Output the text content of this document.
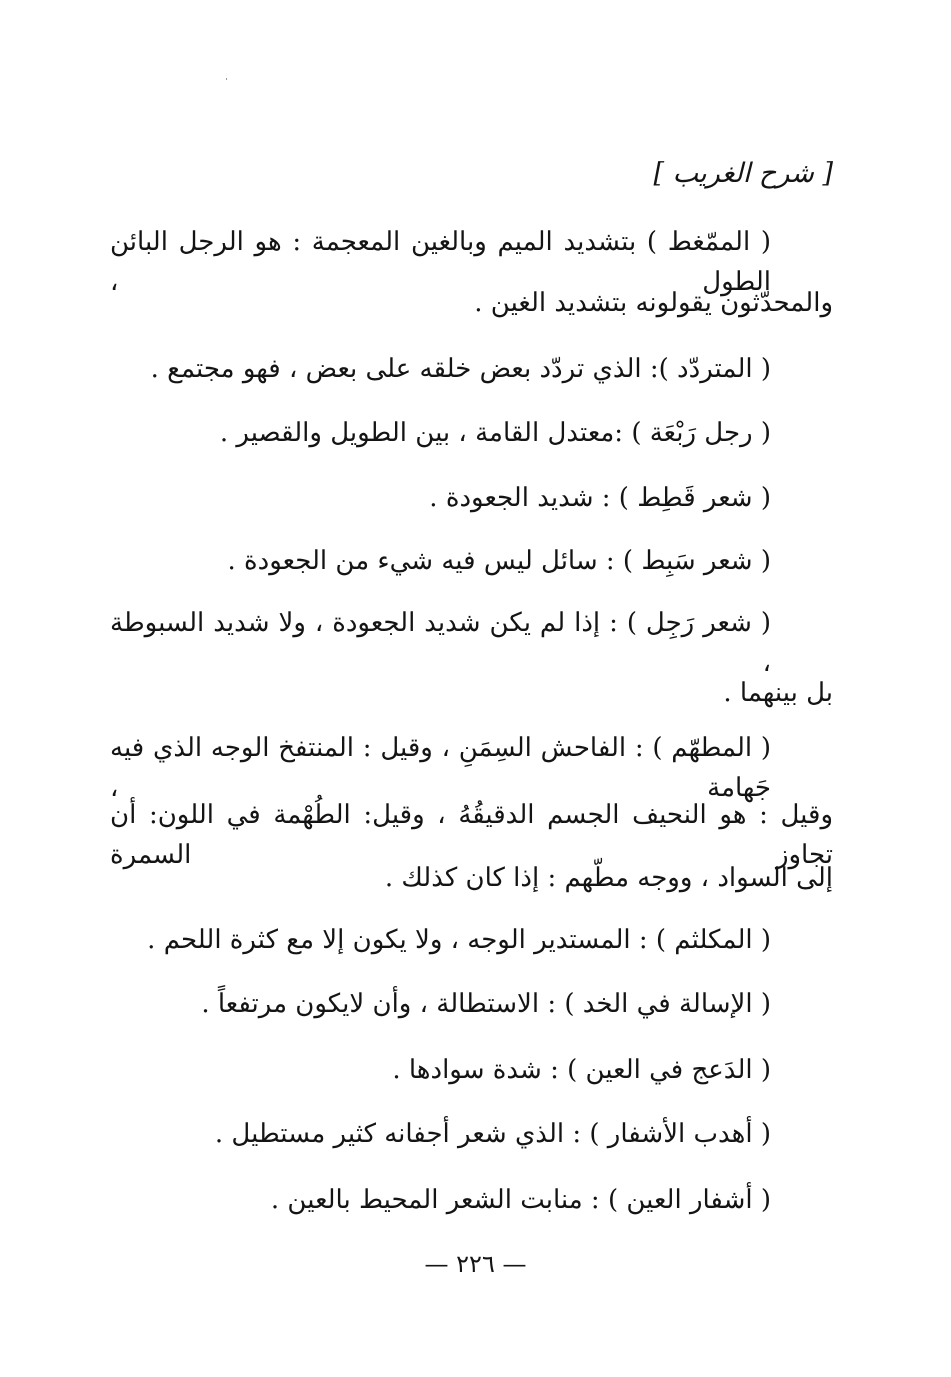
[ شرح الغريب ]
( الممّغط ) بتشديد الميم وبالغين المعجمة : هو الرجل البائن الطول ،
والمحدّثون يقولونه بتشديد الغين .
( المتردّد ): الذي تردّد بعض خلقه على بعض ، فهو مجتمع .
( رجل رَبْعَة ) :معتدل القامة ، بين الطويل والقصير .
( شعر قَطِط ) : شديد الجعودة .
( شعر سَبِط ) : سائل ليس فيه شيء من الجعودة .
( شعر رَجِل ) : إذا لم يكن شديد الجعودة ، ولا شديد السبوطة ،
بل بينهما .
( المطهّم ) : الفاحش السِمَنِ ، وقيل : المنتفخ الوجه الذي فيه جَهامة ،
وقيل : هو النحيف الجسم الدقيقُهُ ، وقيل: الطُهْمة في اللون: أن تجاوز السمرة
إلى السواد ، ووجه مطّهم : إذا كان كذلك .
( المكلثم ) : المستدير الوجه ، ولا يكون إلا مع كثرة اللحم .
( الإسالة في الخد ) : الاستطالة ، وأن لايكون مرتفعاً .
( الدَعج في العين ) : شدة سوادها .
( أهدب الأشفار ) : الذي شعر أجفانه كثير مستطيل .
( أشفار العين ) : منابت الشعر المحيط بالعين .
— ٢٢٦ —
